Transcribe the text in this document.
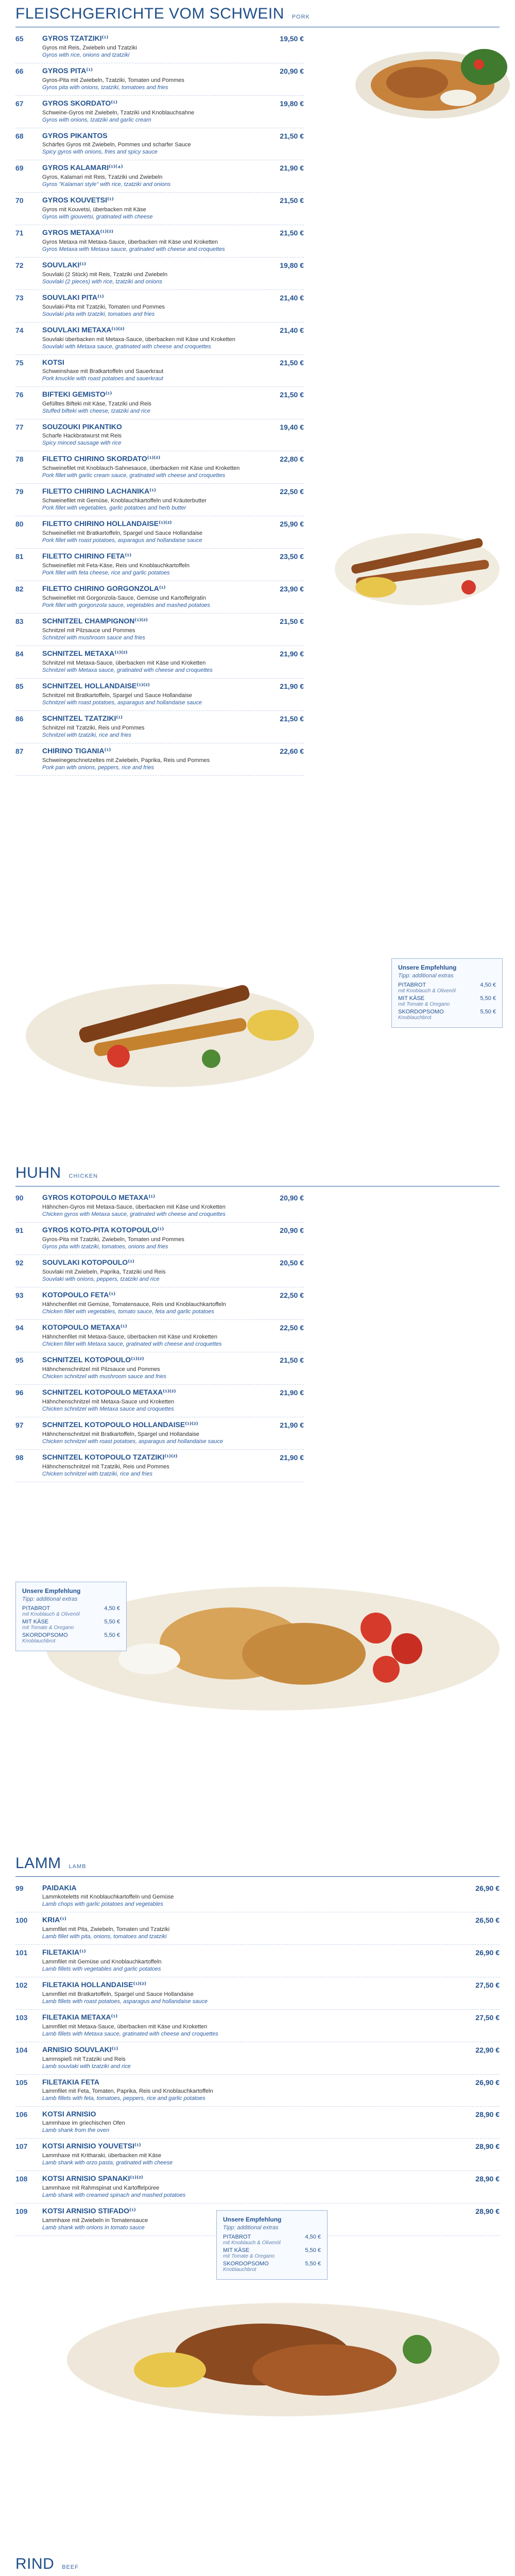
FLEISCHGERICHTE VOM SCHWEIN PORK
65	GYROS TZATZIKI⁽¹⁾	19,50 €
Gyros mit Reis, Zwiebeln und Tzatziki
Gyros with rice, onions and tzatziki
66	GYROS PITA⁽¹⁾	20,90 €
Gyros-Pita mit Zwiebeln, Tzatziki, Tomaten und Pommes
Gyros pita with onions, tzatziki, tomatoes and fries
67	GYROS SKORDATO⁽¹⁾	19,80 €
Schweine-Gyros mit Zwiebeln, Tzatziki und Knoblauchsahne
Gyros with onions, tzatziki and garlic cream
68	GYROS PIKANTOS	21,50 €
Schärfes Gyros mit Zwiebeln, Pommes und scharfer Sauce
Spicy gyros with onions, fries and spicy sauce
69	GYROS KALAMARI⁽¹⁾⁽⁴⁾	21,90 €
Gyros, Kalamari mit Reis, Tzatziki und Zwiebeln
Gyros "Kalamari style" with rice, tzatziki and onions
70	GYROS KOUVETSI⁽¹⁾	21,50 €
Gyros mit Kouvetsi, überbacken mit Käse
Gyros with giouvetsi, gratinated with cheese
71	GYROS METAXA⁽¹⁾⁽²⁾	21,50 €
Gyros Metaxa mit Metaxa-Sauce, überbacken mit Käse und Kroketten
Gyros Metaxa with Metaxa sauce, gratinated with cheese and croquettes
72	SOUVLAKI⁽¹⁾	19,80 €
Souvlaki (2 Stück) mit Reis, Tzatziki und Zwiebeln
Souvlaki (2 pieces) with rice, tzatziki and onions
73	SOUVLAKI PITA⁽¹⁾	21,40 €
Souvlaki-Pita mit Tzatziki, Tomaten und Pommes
Souvlaki pita with tzatziki, tomatoes and fries
74	SOUVLAKI METAXA⁽¹⁾⁽²⁾	21,40 €
Souvlaki überbacken mit Metaxa-Sauce, überbacken mit Käse und Kroketten
Souvlaki with Metaxa sauce, gratinated with cheese and croquettes
75	KOTSI	21,50 €
Schweinshaxe mit Bratkartoffeln und Sauerkraut
Pork knuckle with roast potatoes and sauerkraut
76	BIFTEKI GEMISTO⁽¹⁾	21,50 €
Gefülltes Bifteki mit Käse, Tzatziki und Reis
Stuffed bifteki with cheese, tzatziki and rice
77	SOUZOUKI PIKANTIKO	19,40 €
Scharfe Hackbratwurst mit Reis
Spicy minced sausage with rice
78	FILETTO CHIRINO SKORDATO⁽¹⁾⁽²⁾	22,80 €
Schweinefilet mit Knoblauch-Sahnesauce, überbacken mit Käse und Kroketten
Pork fillet with garlic cream sauce, gratinated with cheese and croquettes
79	FILETTO CHIRINO LACHANIKA⁽¹⁾	22,50 €
Schweinefilet mit Gemüse, Knoblauchkartoffeln und Kräuterbutter
Pork fillet with vegetables, garlic potatoes and herb butter
80	FILETTO CHIRINO HOLLANDAISE⁽¹⁾⁽²⁾	25,90 €
Schweinefilet mit Bratkartoffeln, Spargel und Sauce Hollandaise
Pork fillet with roast potatoes, asparagus and hollandaise sauce
81	FILETTO CHIRINO FETA⁽¹⁾	23,50 €
Schweinefilet mit Feta-Käse, Reis und Knoblauchkartoffeln
Pork fillet with feta cheese, rice and garlic potatoes
82	FILETTO CHIRINO GORGONZOLA⁽¹⁾	23,90 €
Schweinefilet mit Gorgonzola-Sauce, Gemüse und Kartoffelgratin
Pork fillet with gorgonzola sauce, vegetables and mashed potatoes
83	SCHNITZEL CHAMPIGNON⁽¹⁾⁽²⁾	21,50 €
Schnitzel mit Pilzsauce und Pommes
Schnitzel with mushroom sauce and fries
84	SCHNITZEL METAXA⁽¹⁾⁽²⁾	21,90 €
Schnitzel mit Metaxa-Sauce, überbacken mit Käse und Kroketten
Schnitzel with Metaxa sauce, gratinated with cheese and croquettes
85	SCHNITZEL HOLLANDAISE⁽¹⁾⁽²⁾	21,90 €
Schnitzel mit Bratkartoffeln, Spargel und Sauce Hollandaise
Schnitzel with roast potatoes, asparagus and hollandaise sauce
86	SCHNITZEL TZATZIKI⁽¹⁾	21,50 €
Schnitzel mit Tzatziki, Reis und Pommes
Schnitzel with tzatziki, rice and fries
87	CHIRINO TIGANIA⁽¹⁾	22,60 €
Schweinegeschnetzeltes mit Zwiebeln, Paprika, Reis und Pommes
Pork pan with onions, peppers, rice and fries
Unsere Empfehlung
Tipp: additional extras
PITABROT	4,50 €
mit Knoblauch & Olivenöl
MIT KÄSE	5,50 €
mit Tomate & Oregano
SKORDOPSOMO	5,50 €
Knoblauchbrot
HUHN CHICKEN
90	GYROS KOTOPOULO METAXA⁽¹⁾	20,90 €
Hähnchen-Gyros mit Metaxa-Sauce, überbacken mit Käse und Kroketten
Chicken gyros with Metaxa sauce, gratinated with cheese and croquettes
91	GYROS KOTO-PITA KOTOPOULO⁽¹⁾	20,90 €
Gyros-Pita mit Tzatziki, Zwiebeln, Tomaten und Pommes
Gyros pita with tzatziki, tomatoes, onions and fries
92	SOUVLAKI KOTOPOULO⁽¹⁾	20,50 €
Souvlaki mit Zwiebeln, Paprika, Tzatziki und Reis
Souvlaki with onions, peppers, tzatziki and rice
93	KOTOPOULO FETA⁽¹⁾	22,50 €
Hähnchenfilet mit Gemüse, Tomatensauce, Reis und Knoblauchkartoffeln
Chicken fillet with vegetables, tomato sauce, feta and garlic potatoes
94	KOTOPOULO METAXA⁽¹⁾	22,50 €
Hähnchenfilet mit Metaxa-Sauce, überbacken mit Käse und Kroketten
Chicken fillet with Metaxa sauce, gratinated with cheese and croquettes
95	SCHNITZEL KOTOPOULO⁽¹⁾⁽²⁾	21,50 €
Hähnchenschnitzel mit Pilzsauce und Pommes
Chicken schnitzel with mushroom sauce and fries
96	SCHNITZEL KOTOPOULO METAXA⁽¹⁾⁽²⁾	21,90 €
Hähnchenschnitzel mit Metaxa-Sauce und Kroketten
Chicken schnitzel with Metaxa sauce and croquettes
97	SCHNITZEL KOTOPOULO HOLLANDAISE⁽¹⁾⁽²⁾	21,90 €
Hähnchenschnitzel mit Bratkartoffeln, Spargel und Hollandaise
Chicken schnitzel with roast potatoes, asparagus and hollandaise sauce
98	SCHNITZEL KOTOPOULO TZATZIKI⁽¹⁾⁽²⁾	21,90 €
Hähnchenschnitzel mit Tzatziki, Reis und Pommes
Chicken schnitzel with tzatziki, rice and fries
Unsere Empfehlung
Tipp: additional extras
PITABROT	4,50 €
mit Knoblauch & Olivenöl
MIT KÄSE	5,50 €
mit Tomate & Oregano
SKORDOPSOMO	5,50 €
Knoblauchbrot
LAMM LAMB
99	PAIDAKIA	26,90 €
Lammkoteletts mit Knoblauchkartoffeln und Gemüse
Lamb chops with garlic potatoes and vegetables
100	KRIA⁽¹⁾	26,50 €
Lammfilet mit Pita, Zwiebeln, Tomaten und Tzatziki
Lamb fillet with pita, onions, tomatoes and tzatziki
101	FILETAKIA⁽¹⁾	26,90 €
Lammfilet mit Gemüse und Knoblauchkartoffeln
Lamb fillets with vegetables and garlic potatoes
102	FILETAKIA HOLLANDAISE⁽¹⁾⁽²⁾	27,50 €
Lammfilet mit Bratkartoffeln, Spargel und Sauce Hollandaise
Lamb fillets with roast potatoes, asparagus and hollandaise sauce
103	FILETAKIA METAXA⁽¹⁾	27,50 €
Lammfilet mit Metaxa-Sauce, überbacken mit Käse und Kroketten
Lamb fillets with Metaxa sauce, gratinated with cheese and croquettes
104	ARNISIO SOUVLAKI⁽¹⁾	22,90 €
Lammspieß mit Tzatziki und Reis
Lamb souvlaki with tzatziki and rice
105	FILETAKIA FETA	26,90 €
Lammfilet mit Feta, Tomaten, Paprika, Reis und Knoblauchkartoffeln
Lamb fillets with feta, tomatoes, peppers, rice and garlic potatoes
106	KOTSI ARNISIO	28,90 €
Lammhaxe im griechischen Ofen
Lamb shank from the oven
107	KOTSI ARNISIO YOUVETSI⁽¹⁾	28,90 €
Lammhaxe mit Kritharaki, überbacken mit Käse
Lamb shank with orzo pasta, gratinated with cheese
108	KOTSI ARNISIO SPANAKI⁽¹⁾⁽²⁾	28,90 €
Lammhaxe mit Rahmspinat und Kartoffelpüree
Lamb shank with creamed spinach and mashed potatoes
109	KOTSI ARNISIO STIFADO⁽¹⁾	28,90 €
Lammhaxe mit Zwiebeln in Tomatensauce
Lamb shank with onions in tomato sauce
Unsere Empfehlung
Tipp: additional extras
PITABROT	4,50 €
mit Knoblauch & Olivenöl
MIT KÄSE	5,50 €
mit Tomate & Oregano
SKORDOPSOMO	5,50 €
Knoblauchbrot
RIND BEEF
